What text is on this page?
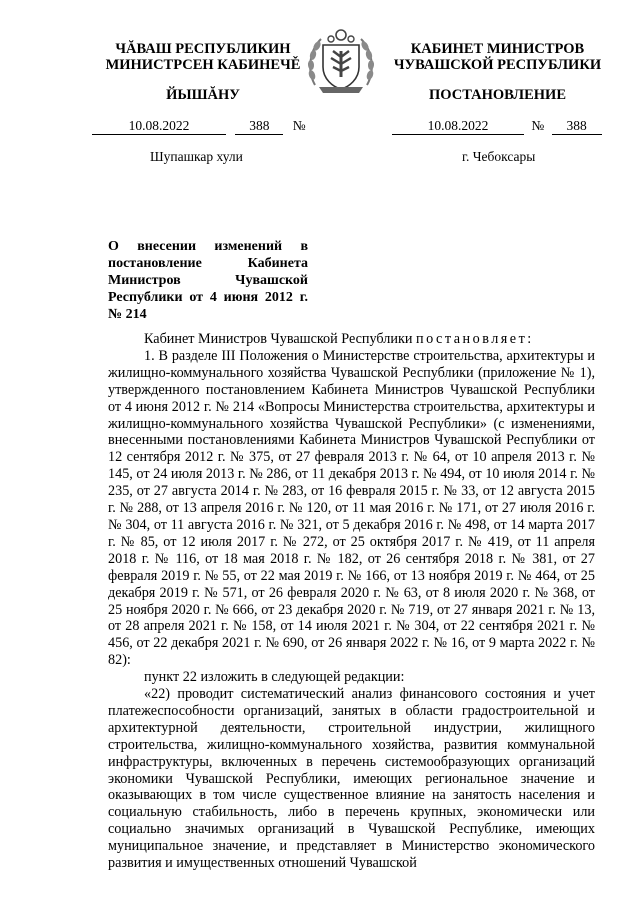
ЧĂВАШ РЕСПУБЛИКИН
МИНИСТРСЕН КАБИНЕЧĚ
КАБИНЕТ МИНИСТРОВ
ЧУВАШСКОЙ РЕСПУБЛИКИ
ЙЫШĂНУ	ПОСТАНОВЛЕНИЕ
10.08.2022	388 №	10.08.2022	№ 388
Шупашкар хули	г. Чебоксары
О внесении изменений в постановление Кабинета Министров Чувашской Республики от 4 июня 2012 г. № 214

Кабинет Министров Чувашской Республики постановляет:

1. В разделе III Положения о Министерстве строительства, архитектуры и жилищно-коммунального хозяйства Чувашской Республики (приложение № 1), утвержденного постановлением Кабинета Министров Чувашской Республики от 4 июня 2012 г. № 214 «Вопросы Министерства строительства, архитектуры и жилищно-коммунального хозяйства Чувашской Республики» (с изменениями, внесенными постановлениями Кабинета Министров Чувашской Республики от 12 сентября 2012 г. № 375, от 27 февраля 2013 г. № 64, от 10 апреля 2013 г. № 145, от 24 июля 2013 г. № 286, от 11 декабря 2013 г. № 494, от 10 июля 2014 г. № 235, от 27 августа 2014 г. № 283, от 16 февраля 2015 г. № 33, от 12 августа 2015 г. № 288, от 13 апреля 2016 г. № 120, от 11 мая 2016 г. № 171, от 27 июля 2016 г. № 304, от 11 августа 2016 г. № 321, от 5 декабря 2016 г. № 498, от 14 марта 2017 г. № 85, от 12 июля 2017 г. № 272, от 25 октября 2017 г. № 419, от 11 апреля 2018 г. № 116, от 18 мая 2018 г. № 182, от 26 сентября 2018 г. № 381, от 27 февраля 2019 г. № 55, от 22 мая 2019 г. № 166, от 13 ноября 2019 г. № 464, от 25 декабря 2019 г. № 571, от 26 февраля 2020 г. № 63, от 8 июля 2020 г. № 368, от 25 ноября 2020 г. № 666, от 23 декабря 2020 г. № 719, от 27 января 2021 г. № 13, от 28 апреля 2021 г. № 158, от 14 июля 2021 г. № 304, от 22 сентября 2021 г. № 456, от 22 декабря 2021 г. № 690, от 26 января 2022 г. № 16, от 9 марта 2022 г. № 82):

пункт 22 изложить в следующей редакции:

«22) проводит систематический анализ финансового состояния и учет платежеспособности организаций, занятых в области градостроительной и архитектурной деятельности, строительной индустрии, жилищного строительства, жилищно-коммунального хозяйства, развития коммунальной инфраструктуры, включенных в перечень системообразующих организаций экономики Чувашской Республики, имеющих региональное значение и оказывающих в том числе существенное влияние на занятость населения и социальную стабильность, либо в перечень крупных, экономически или социально значимых организаций в Чувашской Республике, имеющих муниципальное значение, и представляет в Министерство экономического развития и имущественных отношений Чувашской
